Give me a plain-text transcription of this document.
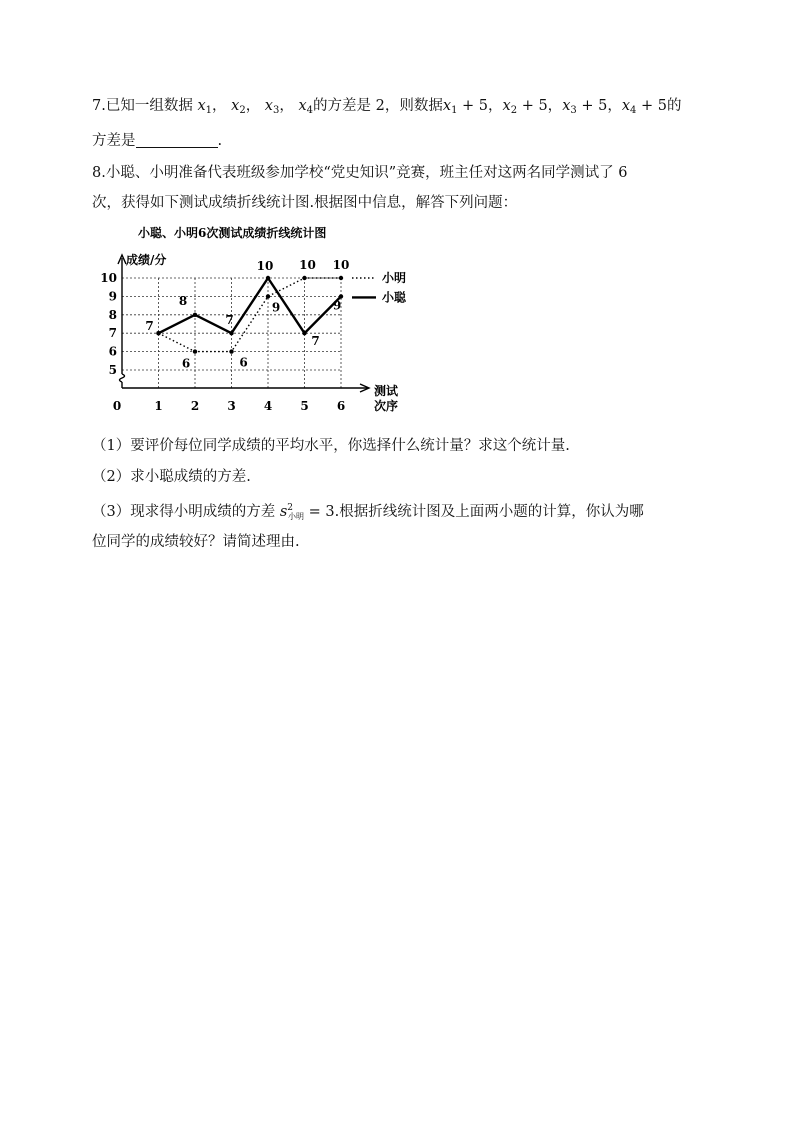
7.已知一组数据 $x_1$， $x_2$， $x_3$， $x_4$的方差是 2，则数据$x_1 + 5$，$x_2 + 5$，$x_3 + 5$，$x_4 + 5$的
方差是	.
8.小聪、小明准备代表班级参加学校“党史知识”竞赛，班主任对这两名同学测试了 6
次，获得如下测试成绩折线统计图.根据图中信息，解答下列问题：
小聪、小明6次测试成绩折线统计图
成绩/分
测试
次序
0
5
6
7
8
9
10
1 2 3 4 5 6
7
8
7
10
7
9
6	6
9
10 10
小明
小聪
（1）要评价每位同学成绩的平均水平，你选择什么统计量？求这个统计量.
（2）求小聪成绩的方差.
（3）现求得小明成绩的方差 $s^2_{小明} = 3$.根据折线统计图及上面两小题的计算，你认为哪
位同学的成绩较好？请简述理由.
